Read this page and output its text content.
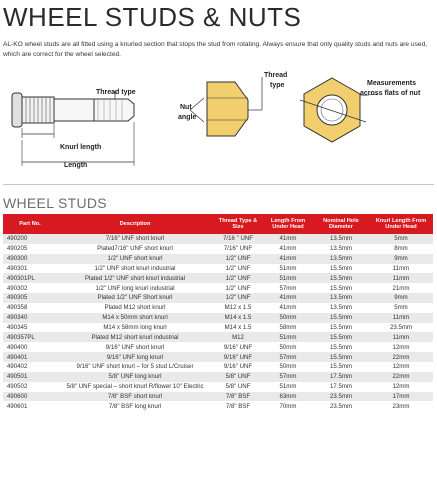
WHEEL STUDS & NUTS
AL-KO wheel studs are all fitted using a knurled section that stops the stud from rotating. Always ensure that only quality studs and nuts are used, which are correct for the wheel selected.
Thread type
Knurl length
Length
Nut
angle
Thread
type	Measurements
across flats of nut
WHEEL STUDS
Part No.	Description	Thread Type & Size	Length From Under Head	Nominal Hole Diameter	Knurl Length From Under Head
490200	7/16" UNF short knurl	7/16 " UNF	41mm	13.5mm	5mm
490205	Plated7/16" UNF short knurl	7/16" UNF	41mm	13.5mm	8mm
490300	1/2" UNF short knurl	1/2" UNF	41mm	13.5mm	9mm
490301	1/2" UNF short knurl industrial	1/2" UNF	51mm	15.5mm	11mm
490301PL	Plated 1/2" UNF short knurl industrial	1/2" UNF	51mm	15.5mm	11mm
490302	1/2" UNF long knurl industrial	1/2" UNF	57mm	15.5mm	21mm
490305	Plated 1/2" UNF Short knurl	1/2" UNF	41mm	13.5mm	9mm
490358	Plated M12 short knurl	M12 x 1.5	41mm	13.5mm	5mm
490340	M14 x 50mm short knurl	M14 x 1.5	50mm	15.5mm	11mm
490345	M14 x 58mm long knurl	M14 x 1.5	58mm	15.5mm	23.5mm
490357PL	Plated M12 short knurl industrial	M12	51mm	15.5mm	11mm
490400	9/16" UNF short knurl	9/16" UNF	50mm	15.5mm	12mm
490401	9/16" UNF long knurl	9/16" UNF	57mm	15.5mm	22mm
490402	9/16" UNF short knurl – for 5 stud L/Cruiser	9/16" UNF	50mm	15.5mm	12mm
490501	5/8" UNF long knurl	5/8" UNF	57mm	17.5mm	22mm
490502	5/8" UNF special – short knurl R/flower 10" Electric	5/8" UNF	51mm	17.5mm	12mm
490600	7/8" BSF short knurl	7/8" BSF	63mm	23.5mm	17mm
490601	7/8" BSF long knurl	7/8" BSF	70mm	23.5mm	23mm
